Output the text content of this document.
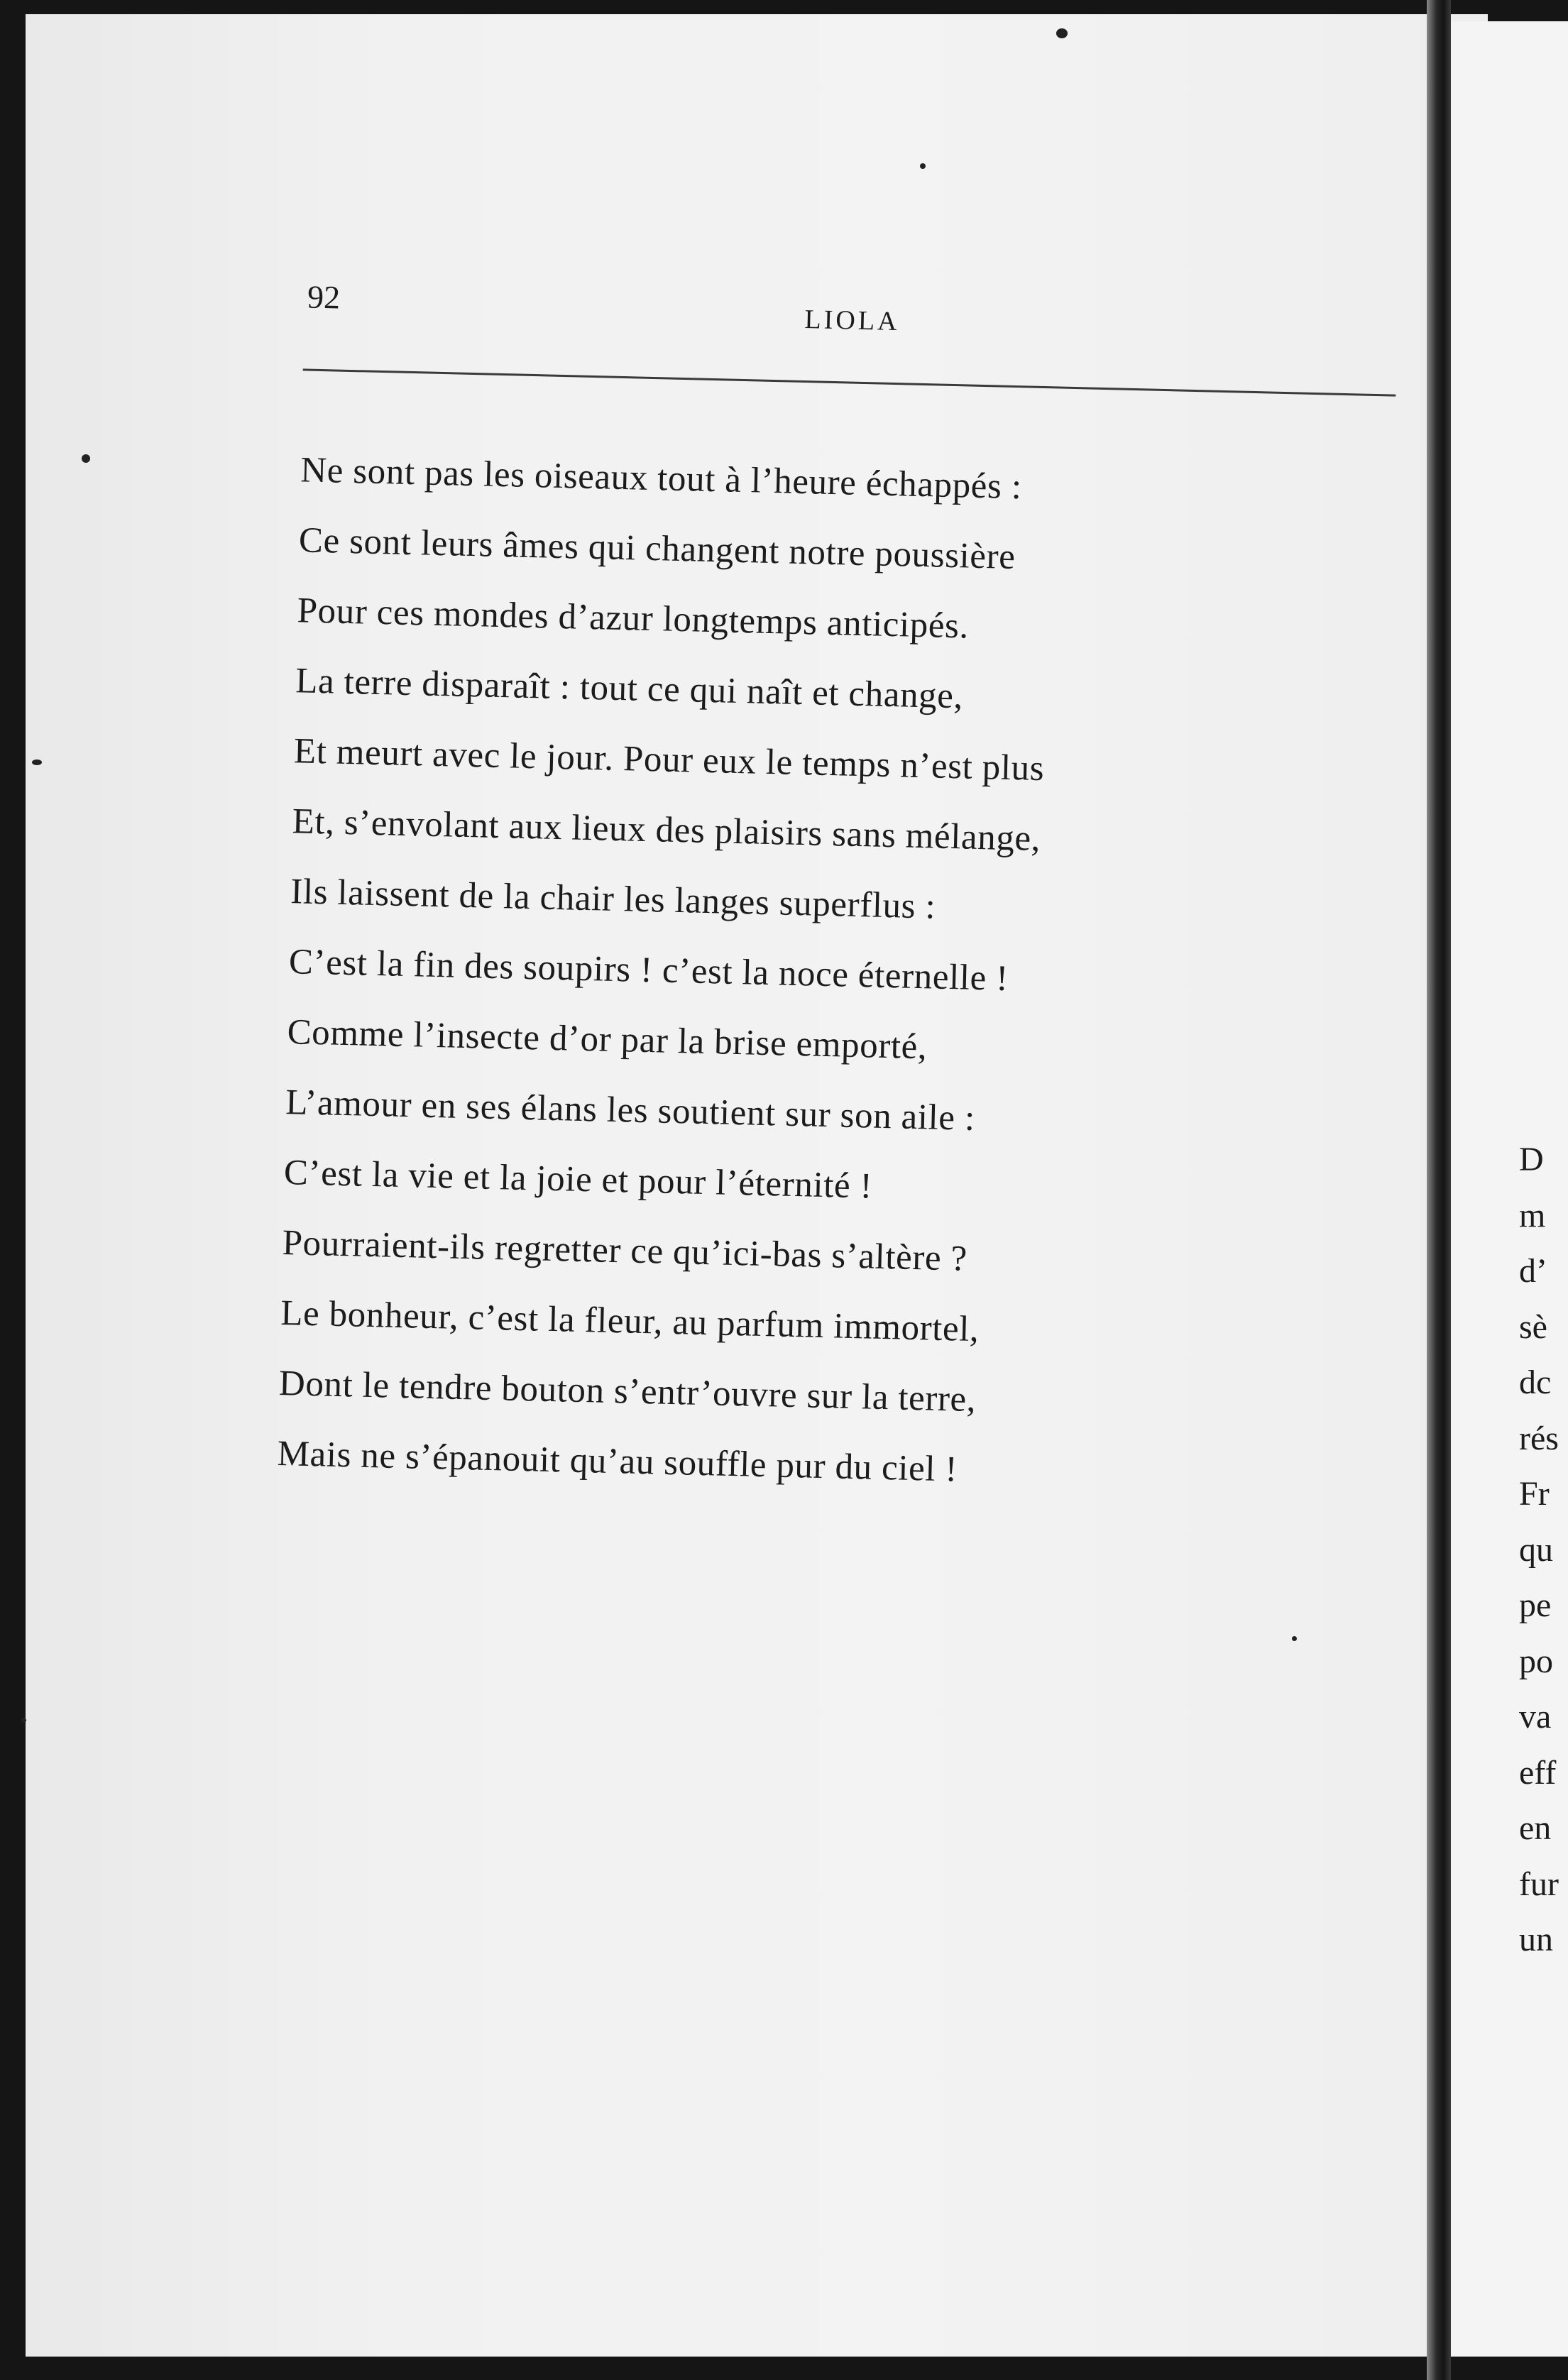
92
LIOLA
Ne sont pas les oiseaux tout à l’heure échappés :
Ce sont leurs âmes qui changent notre poussière
Pour ces mondes d’azur longtemps anticipés.
La terre disparaît : tout ce qui naît et change,
Et meurt avec le jour. Pour eux le temps n’est plus
Et, s’envolant aux lieux des plaisirs sans mélange,
Ils laissent de la chair les langes superflus :
C’est la fin des soupirs ! c’est la noce éternelle !
Comme l’insecte d’or par la brise emporté,
L’amour en ses élans les soutient sur son aile :
C’est la vie et la joie et pour l’éternité !
Pourraient-ils regretter ce qu’ici-bas s’altère ?
Le bonheur, c’est la fleur, au parfum immortel,
Dont le tendre bouton s’entr’ouvre sur la terre,
Mais ne s’épanouit qu’au souffle pur du ciel !
D
m
d’
sè
dc
rés
Fr
qu
pe
po
va
eff
en
fur
un
